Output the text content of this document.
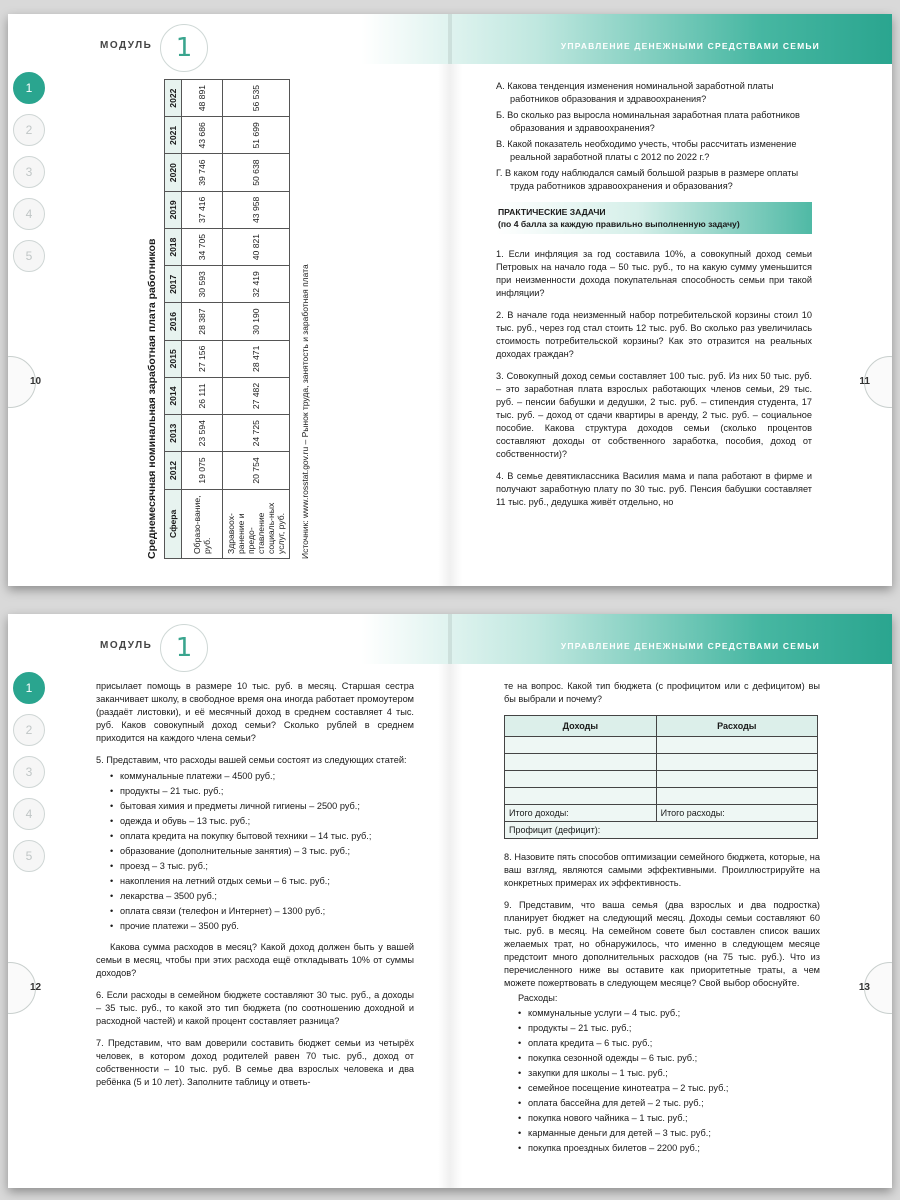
МОДУЛЬ 1	УПРАВЛЕНИЕ ДЕНЕЖНЫМИ СРЕДСТВАМИ СЕМЬИ
1
2
3
4
5
10	11
Среднемесячная номинальная заработная плата работников Сфера	2012	2013	2014	2015	2016	2017	2018	2019	2020	2021	2022
Образо-вание, руб.	19 075	23 594	26 111	27 156	28 387	30 593	34 705	37 416	39 746	43 686	48 891
Здравоох-ранение и предо-ставление социаль-ных услуг, руб.	20 754	24 725	27 482	28 471	30 190	32 419	40 821	43 958	50 638	51 699	56 535
Источник: www.rosstat.gov.ru – Рынок труда, занятость и заработная плата
А. Какова тенденция изменения номинальной заработной платы работников образования и здравоохранения?
Б. Во сколько раз выросла номинальная заработная плата работников образования и здравоохранения?
В. Какой показатель необходимо учесть, чтобы рассчитать изменение реальной заработной платы с 2012 по 2022 г.?
Г. В каком году наблюдался самый большой разрыв в размере оплаты труда работников здравоохранения и образования?
ПРАКТИЧЕСКИЕ ЗАДАЧИ
(по 4 балла за каждую правильно выполненную задачу)

1. Если инфляция за год составила 10%, а совокупный доход семьи Петровых на начало года – 50 тыс. руб., то на какую сумму уменьшится при неизменности дохода покупательная способность семьи при такой инфляции?

2. В начале года неизменный набор потребительской корзины стоил 10 тыс. руб., через год стал стоить 12 тыс. руб. Во сколько раз увеличилась стоимость потребительской корзины? Как это отразится на реальных доходах граждан?

3. Совокупный доход семьи составляет 100 тыс. руб. Из них 50 тыс. руб. – это заработная плата взрослых работающих членов семьи, 29 тыс. руб. – пенсии бабушки и дедушки, 2 тыс. руб. – стипендия студента, 17 тыс. руб. – доход от сдачи квартиры в аренду, 2 тыс. руб. – социальное пособие. Какова структура доходов семьи (сколько процентов составляют доходы от собственного заработка, пособия, доход от собственности)?

4. В семье девятиклассника Василия мама и папа работают в фирме и получают заработную плату по 30 тыс. руб. Пенсия бабушки составляет 11 тыс. руб., дедушка живёт отдельно, но

МОДУЛЬ 1	УПРАВЛЕНИЕ ДЕНЕЖНЫМИ СРЕДСТВАМИ СЕМЬИ
1
2
3
4
5
12	13

присылает помощь в размере 10 тыс. руб. в месяц. Старшая сестра заканчивает школу, в свободное время она иногда работает промоутером (раздаёт листовки), и её месячный доход в среднем составляет 4 тыс. руб. Каков совокупный доход семьи? Сколько рублей в среднем приходится на каждого члена семьи?

5. Представим, что расходы вашей семьи состоят из следующих статей:

• коммунальные платежи – 4500 руб.;
• продукты – 21 тыс. руб.;
• бытовая химия и предметы личной гигиены – 2500 руб.;
• одежда и обувь – 13 тыс. руб.;
• оплата кредита на покупку бытовой техники – 14 тыс. руб.;
• образование (дополнительные занятия) – 3 тыс. руб.;
• проезд – 3 тыс. руб.;
• накопления на летний отдых семьи – 6 тыс. руб.;
• лекарства – 3500 руб.;
• оплата связи (телефон и Интернет) – 1300 руб.;
• прочие платежи – 3500 руб.

Какова сумма расходов в месяц? Какой доход должен быть у вашей семьи в месяц, чтобы при этих расхода ещё откладывать 10% от суммы доходов?

6. Если расходы в семейном бюджете составляют 30 тыс. руб., а доходы – 35 тыс. руб., то какой это тип бюджета (по соотношению доходной и расходной частей) и какой процент составляет разница?

7. Представим, что вам доверили составить бюджет семьи из четырёх человек, в котором доход родителей равен 70 тыс. руб., доход от собственности – 10 тыс. руб. В семье два взрослых человека и два ребёнка (5 и 10 лет). Заполните таблицу и ответь-

те на вопрос. Какой тип бюджета (с профицитом или с дефицитом) вы бы выбрали и почему?

Доходы	Расходы

Итого доходы:	Итого расходы:
Профицит (дефицит):	

8. Назовите пять способов оптимизации семейного бюджета, которые, на ваш взгляд, являются самыми эффективными. Проиллюстрируйте на конкретных примерах их эффективность.

9. Представим, что ваша семья (два взрослых и два подростка) планирует бюджет на следующий месяц. Доходы семьи составляют 60 тыс. руб. в месяц. На семейном совете был составлен список ваших желаемых трат, но обнаружилось, что именно в следующем месяце предстоит много дополнительных расходов (на 75 тыс. руб.). Что из перечисленного ниже вы оставите как приоритетные траты, а чем можете пожертвовать в следующем месяце? Свой выбор обоснуйте.

Расходы:
• коммунальные услуги – 4 тыс. руб.;
• продукты – 21 тыс. руб.;
• оплата кредита – 6 тыс. руб.;
• покупка сезонной одежды – 6 тыс. руб.;
• закупки для школы – 1 тыс. руб.;
• семейное посещение кинотеатра – 2 тыс. руб.;
• оплата бассейна для детей – 2 тыс. руб.;
• покупка нового чайника – 1 тыс. руб.;
• карманные деньги для детей – 3 тыс. руб.;
• покупка проездных билетов – 2200 руб.;
